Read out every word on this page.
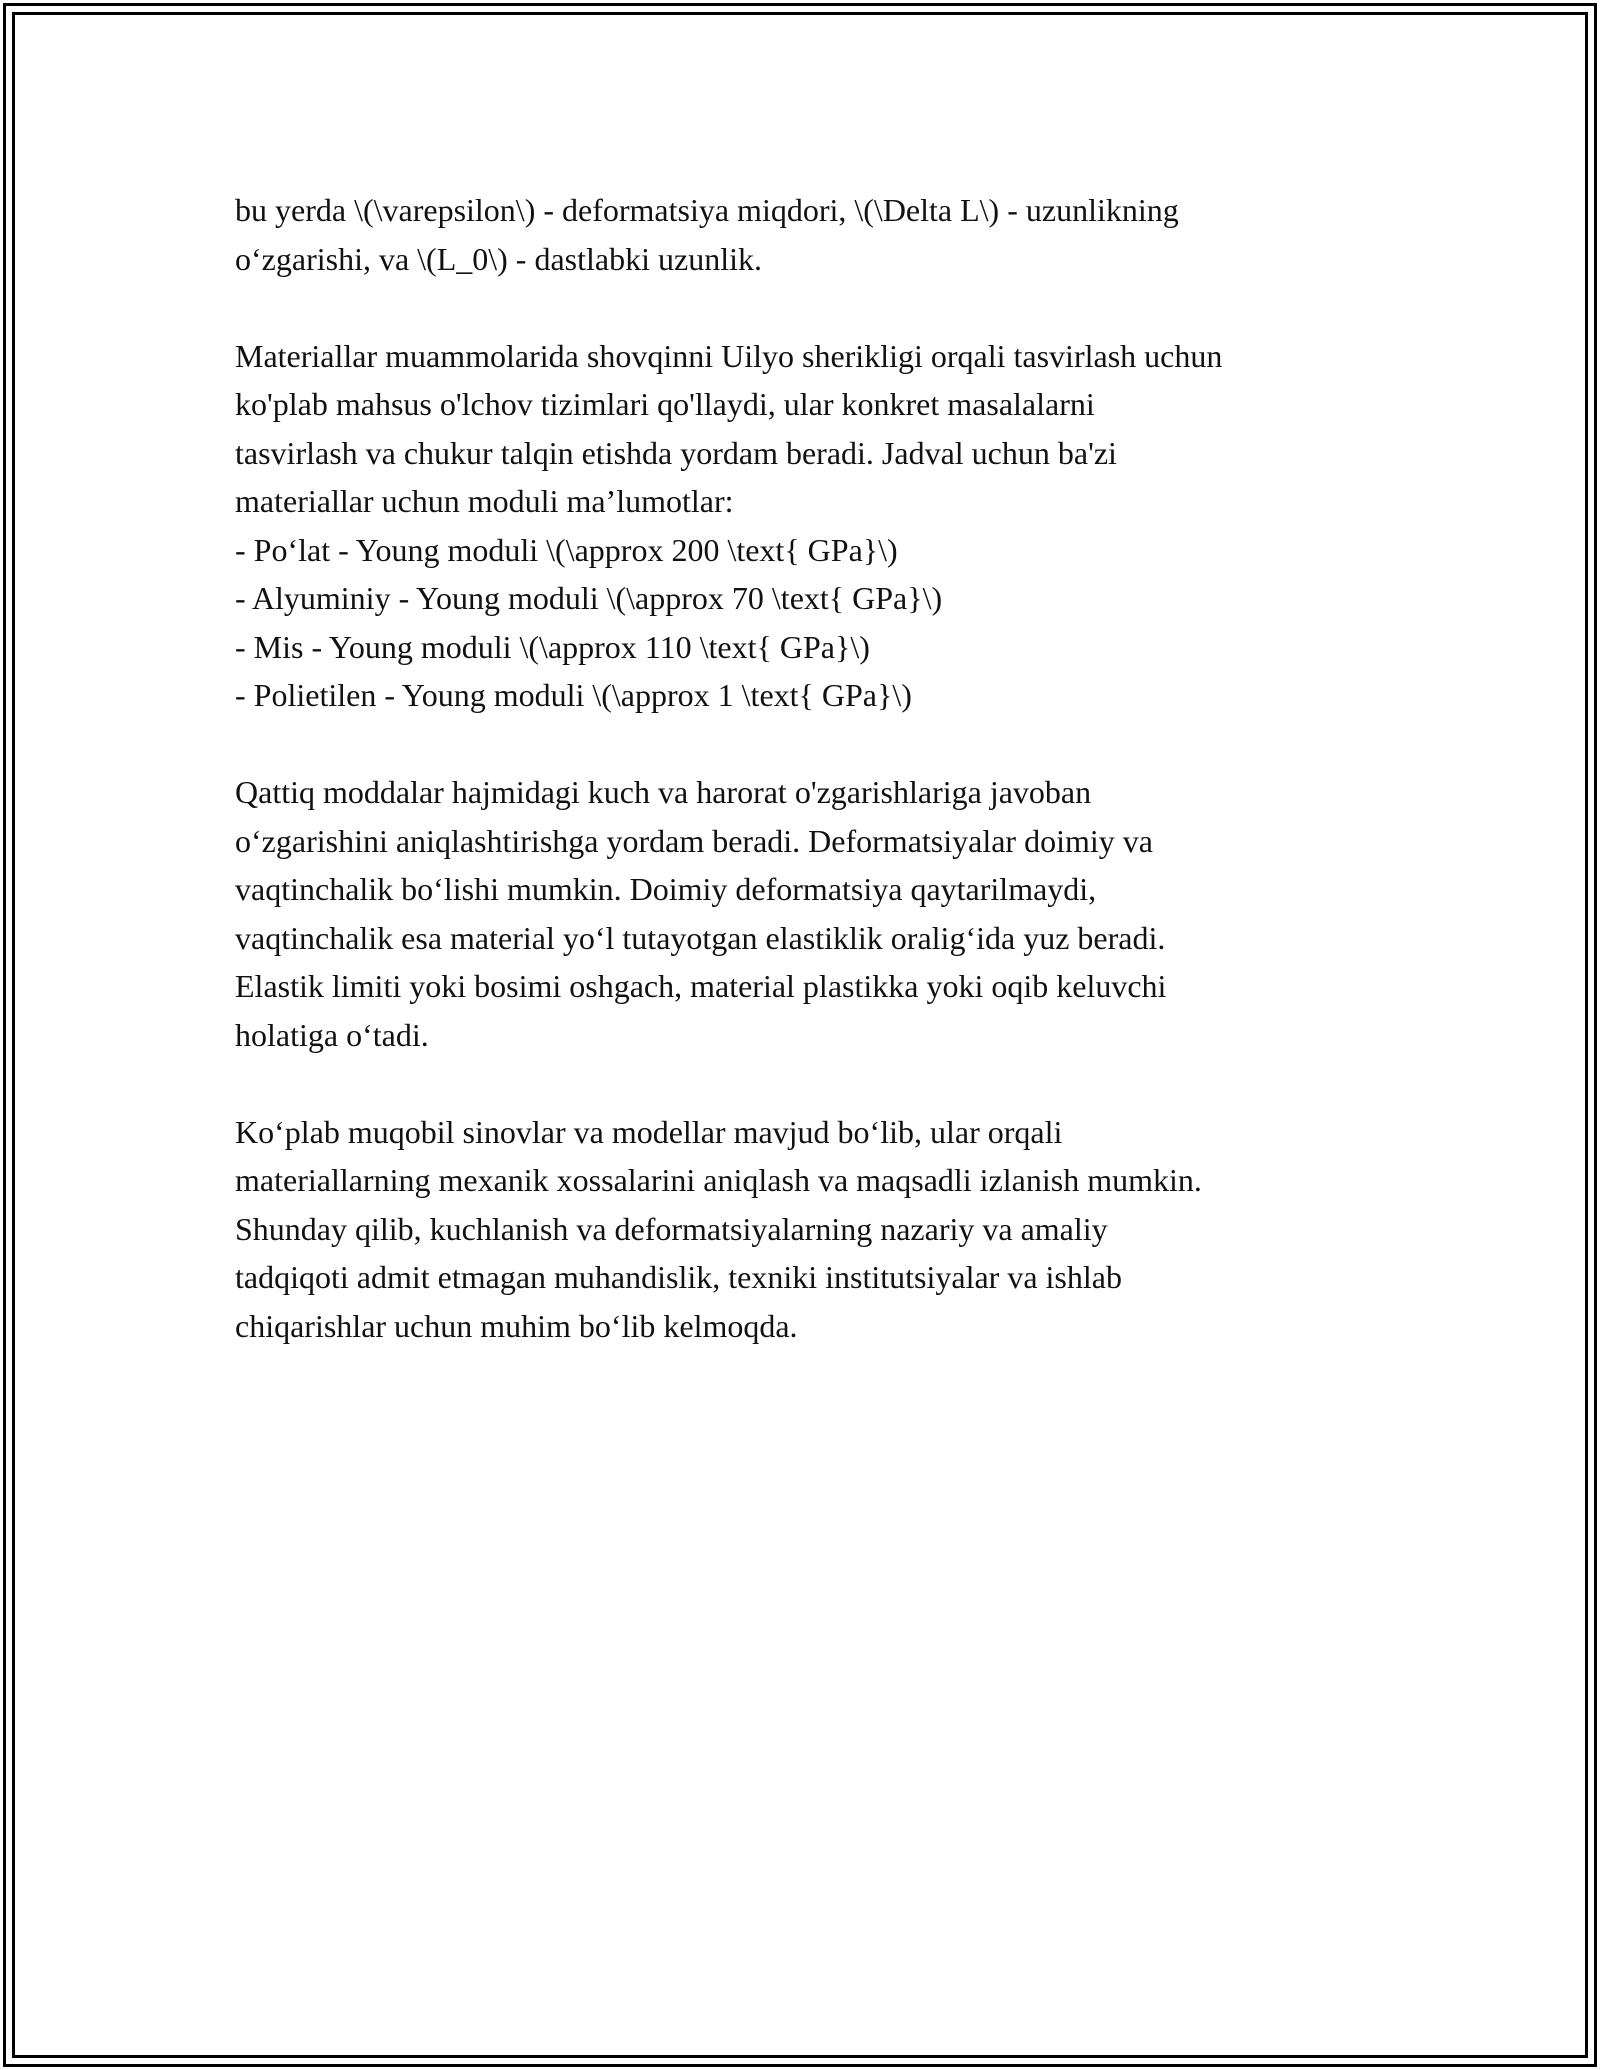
bu yerda \(\varepsilon\) - deformatsiya miqdori, \(\Delta L\) - uzunlikning
o‘zgarishi, va \(L_0\) - dastlabki uzunlik.

Materiallar muammolarida shovqinni Uilyo sherikligi orqali tasvirlash uchun
ko'plab mahsus o'lchov tizimlari qo'llaydi, ular konkret masalalarni
tasvirlash va chukur talqin etishda yordam beradi. Jadval uchun ba'zi
materiallar uchun moduli ma’lumotlar:
- Po‘lat - Young moduli \(\approx 200 \text{ GPa}\)
- Alyuminiy - Young moduli \(\approx 70 \text{ GPa}\)
- Mis - Young moduli \(\approx 110 \text{ GPa}\)
- Polietilen - Young moduli \(\approx 1 \text{ GPa}\)

Qattiq moddalar hajmidagi kuch va harorat o'zgarishlariga javoban
o‘zgarishini aniqlashtirishga yordam beradi. Deformatsiyalar doimiy va
vaqtinchalik bo‘lishi mumkin. Doimiy deformatsiya qaytarilmaydi,
vaqtinchalik esa material yo‘l tutayotgan elastiklik oralig‘ida yuz beradi.
Elastik limiti yoki bosimi oshgach, material plastikka yoki oqib keluvchi
holatiga o‘tadi.

Ko‘plab muqobil sinovlar va modellar mavjud bo‘lib, ular orqali
materiallarning mexanik xossalarini aniqlash va maqsadli izlanish mumkin.
Shunday qilib, kuchlanish va deformatsiyalarning nazariy va amaliy
tadqiqoti admit etmagan muhandislik, texniki institutsiyalar va ishlab
chiqarishlar uchun muhim bo‘lib kelmoqda.
